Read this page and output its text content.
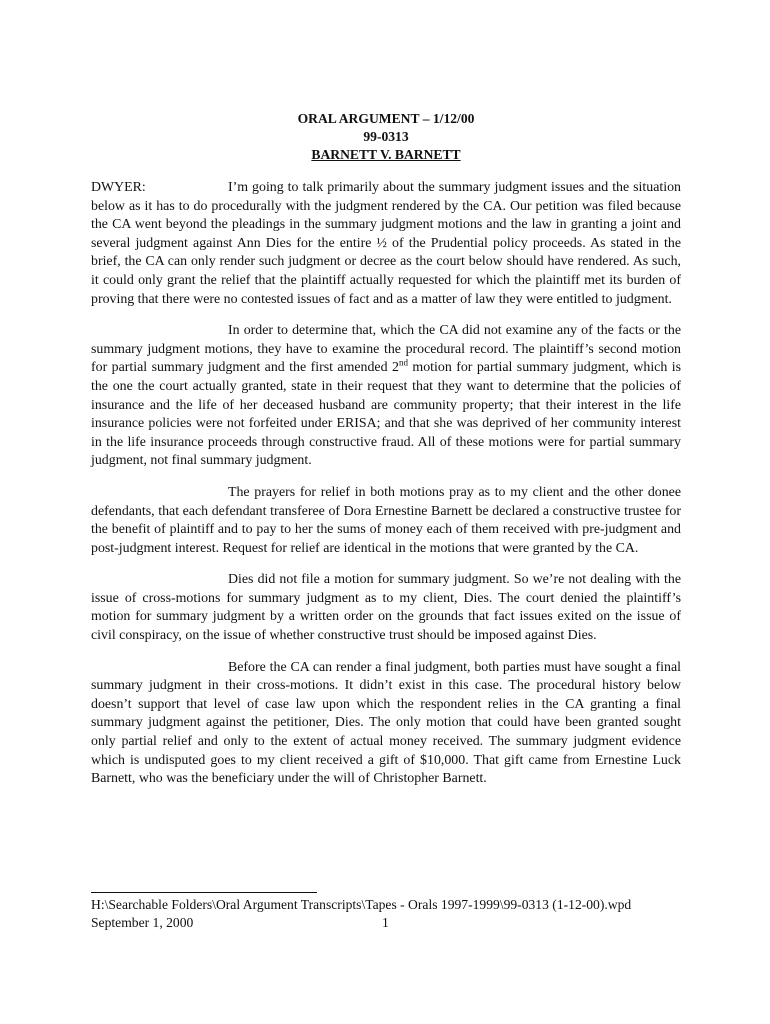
ORAL ARGUMENT – 1/12/00
99-0313
BARNETT V. BARNETT

DWYER:	I’m going to talk primarily about the summary judgment issues and the situation below as it has to do procedurally with the judgment rendered by the CA. Our petition was filed because the CA went beyond the pleadings in the summary judgment motions and the law in granting a joint and several judgment against Ann Dies for the entire ½ of the Prudential policy proceeds. As stated in the brief, the CA can only render such judgment or decree as the court below should have rendered. As such, it could only grant the relief that the plaintiff actually requested for which the plaintiff met its burden of proving that there were no contested issues of fact and as a matter of law they were entitled to judgment.

In order to determine that, which the CA did not examine any of the facts or the summary judgment motions, they have to examine the procedural record. The plaintiff’s second motion for partial summary judgment and the first amended 2nd motion for partial summary judgment, which is the one the court actually granted, state in their request that they want to determine that the policies of insurance and the life of her deceased husband are community property; that their interest in the life insurance policies were not forfeited under ERISA; and that she was deprived of her community interest in the life insurance proceeds through constructive fraud. All of these motions were for partial summary judgment, not final summary judgment.

The prayers for relief in both motions pray as to my client and the other donee defendants, that each defendant transferee of Dora Ernestine Barnett be declared a constructive trustee for the benefit of plaintiff and to pay to her the sums of money each of them received with pre-judgment and post-judgment interest. Request for relief are identical in the motions that were granted by the CA.

Dies did not file a motion for summary judgment. So we’re not dealing with the issue of cross-motions for summary judgment as to my client, Dies. The court denied the plaintiff’s motion for summary judgment by a written order on the grounds that fact issues exited on the issue of civil conspiracy, on the issue of whether constructive trust should be imposed against Dies.

Before the CA can render a final judgment, both parties must have sought a final summary judgment in their cross-motions. It didn’t exist in this case. The procedural history below doesn’t support that level of case law upon which the respondent relies in the CA granting a final summary judgment against the petitioner, Dies. The only motion that could have been granted sought only partial relief and only to the extent of actual money received. The summary judgment evidence which is undisputed goes to my client received a gift of $10,000. That gift came from Ernestine Luck Barnett, who was the beneficiary under the will of Christopher Barnett.

H:\Searchable Folders\Oral Argument Transcripts\Tapes - Orals 1997-1999\99-0313 (1-12-00).wpd
September 1, 2000	1
